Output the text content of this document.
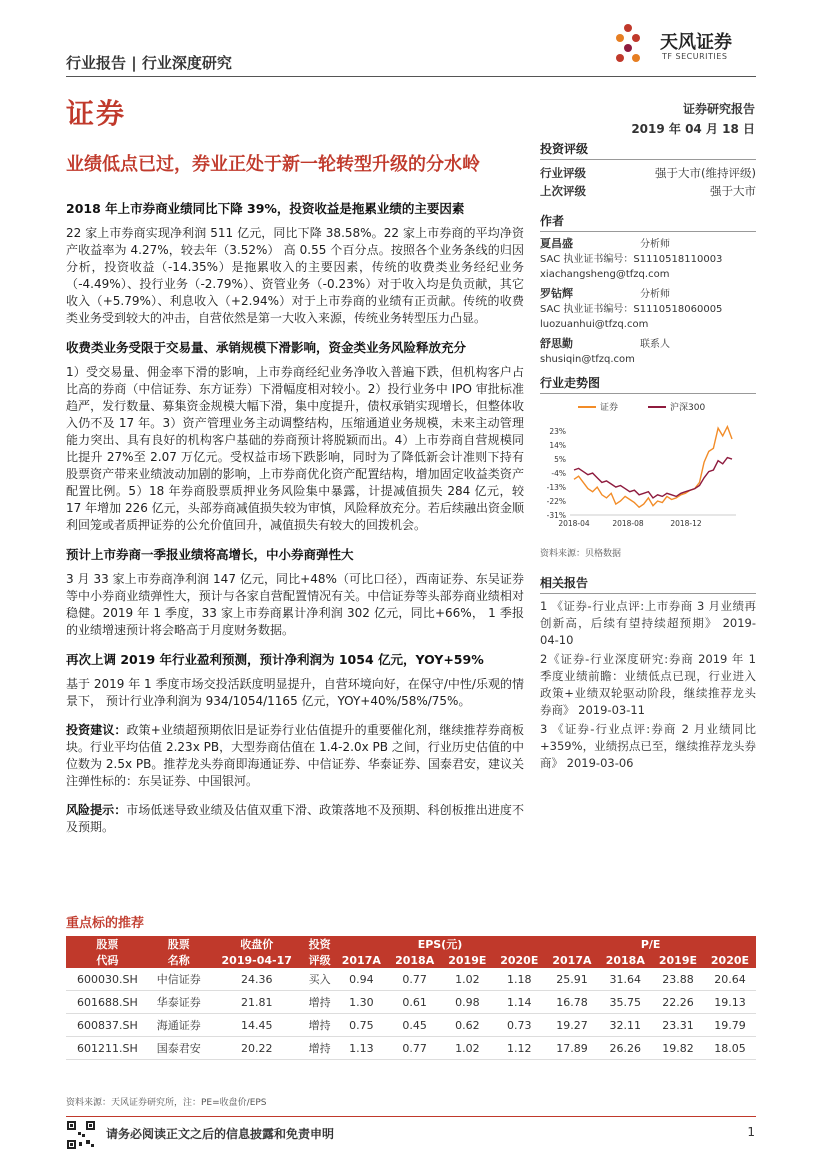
行业报告 | 行业深度研究
证券
天风证券
TF SECURITIES
证券研究报告
2019 年 04 月 18 日
业绩低点已过，券业正处于新一轮转型升级的分水岭
2018 年上市券商业绩同比下降 39%，投资收益是拖累业绩的主要因素
22 家上市券商实现净利润 511 亿元，同比下降 38.58%。22 家上市券商的平均净资产收益率为 4.27%，较去年（3.52%） 高 0.55 个百分点。按照各个业务条线的归因分析，投资收益（-14.35%）是拖累收入的主要因素，传统的收费类业务经纪业务（-4.49%）、投行业务（-2.79%）、资管业务（-0.23%）对于收入均是负贡献，其它收入（+5.79%）、利息收入（+2.94%）对于上市券商的业绩有正贡献。传统的收费类业务受到较大的冲击，自营依然是第一大收入来源，传统业务转型压力凸显。
收费类业务受限于交易量、承销规模下滑影响，资金类业务风险释放充分
1）受交易量、佣金率下滑的影响，上市券商经纪业务净收入普遍下跌，但机构客户占比高的券商（中信证券、东方证券）下滑幅度相对较小。2）投行业务中 IPO 审批标准趋严，发行数量、募集资金规模大幅下滑，集中度提升，债权承销实现增长，但整体收入仍不及 17 年。3）资产管理业务主动调整结构，压缩通道业务规模，未来主动管理能力突出、具有良好的机构客户基础的券商预计将脱颖而出。4）上市券商自营规模同比提升 27%至 2.07 万亿元。受权益市场下跌影响，同时为了降低新会计准则下持有股票资产带来业绩波动加剧的影响，上市券商优化资产配置结构，增加固定收益类资产配置比例。5）18 年券商股票质押业务风险集中暴露，计提减值损失 284 亿元，较 17 年增加 226 亿元，头部券商减值损失较为审慎，风险释放充分。若后续融出资金顺利回笼或者质押证券的公允价值回升，减值损失有较大的回拨机会。
预计上市券商一季报业绩将高增长，中小券商弹性大
3 月 33 家上市券商净利润 147 亿元，同比+48%（可比口径），西南证券、东吴证券等中小券商业绩弹性大，预计与各家自营配置情况有关。中信证券等头部券商业绩相对稳健。2019 年 1 季度，33 家上市券商累计净利润 302 亿元，同比+66%， 1 季报的业绩增速预计将会略高于月度财务数据。
再次上调 2019 年行业盈利预测，预计净利润为 1054 亿元，YOY+59%
基于 2019 年 1 季度市场交投活跃度明显提升，自营环境向好，在保守/中性/乐观的情景下， 预计行业净利润为 934/1054/1165 亿元，YOY+40%/58%/75%。
投资建议：政策+业绩超预期依旧是证券行业估值提升的重要催化剂，继续推荐券商板块。行业平均估值 2.23x PB，大型券商估值在 1.4-2.0x PB 之间，行业历史估值的中位数为 2.5x PB。推荐龙头券商即海通证券、中信证券、华泰证券、国泰君安，建议关注弹性标的：东吴证券、中国银河。
风险提示：市场低迷导致业绩及估值双重下滑、政策落地不及预期、科创板推出进度不及预期。
投资评级
行业评级	强于大市(维持评级)
上次评级	强于大市
作者
夏昌盛	分析师
SAC 执业证书编号：S1110518110003
xiachangsheng@tfzq.com
罗钻辉	分析师
SAC 执业证书编号：S1110518060005
luozuanhui@tfzq.com
舒思勤	联系人
shusiqin@tfzq.com
行业走势图
证券	沪深300
23%
14%
5%
-4%
-13%
-22%
-31%
2018-04	2018-08	2018-12
资料来源：贝格数据
相关报告
1 《证券-行业点评:上市券商 3 月业绩再创新高，后续有望持续超预期》 2019-04-10
2《证券-行业深度研究:券商 2019 年 1 季度业绩前瞻：业绩低点已现，行业进入政策+业绩双轮驱动阶段，继续推荐龙头券商》 2019-03-11
3 《证券-行业点评:券商 2 月业绩同比+359%，业绩拐点已至，继续推荐龙头券商》 2019-03-06
重点标的推荐
股票	股票	收盘价	投资	EPS(元)				P/E			
代码	名称	2019-04-17	评级	2017A	2018A	2019E	2020E	2017A	2018A	2019E	2020E
600030.SH	中信证券	24.36	买入	0.94	0.77	1.02	1.18	25.91	31.64	23.88	20.64
601688.SH	华泰证券	21.81	增持	1.30	0.61	0.98	1.14	16.78	35.75	22.26	19.13
600837.SH	海通证券	14.45	增持	0.75	0.45	0.62	0.73	19.27	32.11	23.31	19.79
601211.SH	国泰君安	20.22	增持	1.13	0.77	1.02	1.12	17.89	26.26	19.82	18.05
资料来源：天风证券研究所，注：PE=收盘价/EPS
请务必阅读正文之后的信息披露和免责申明	1
